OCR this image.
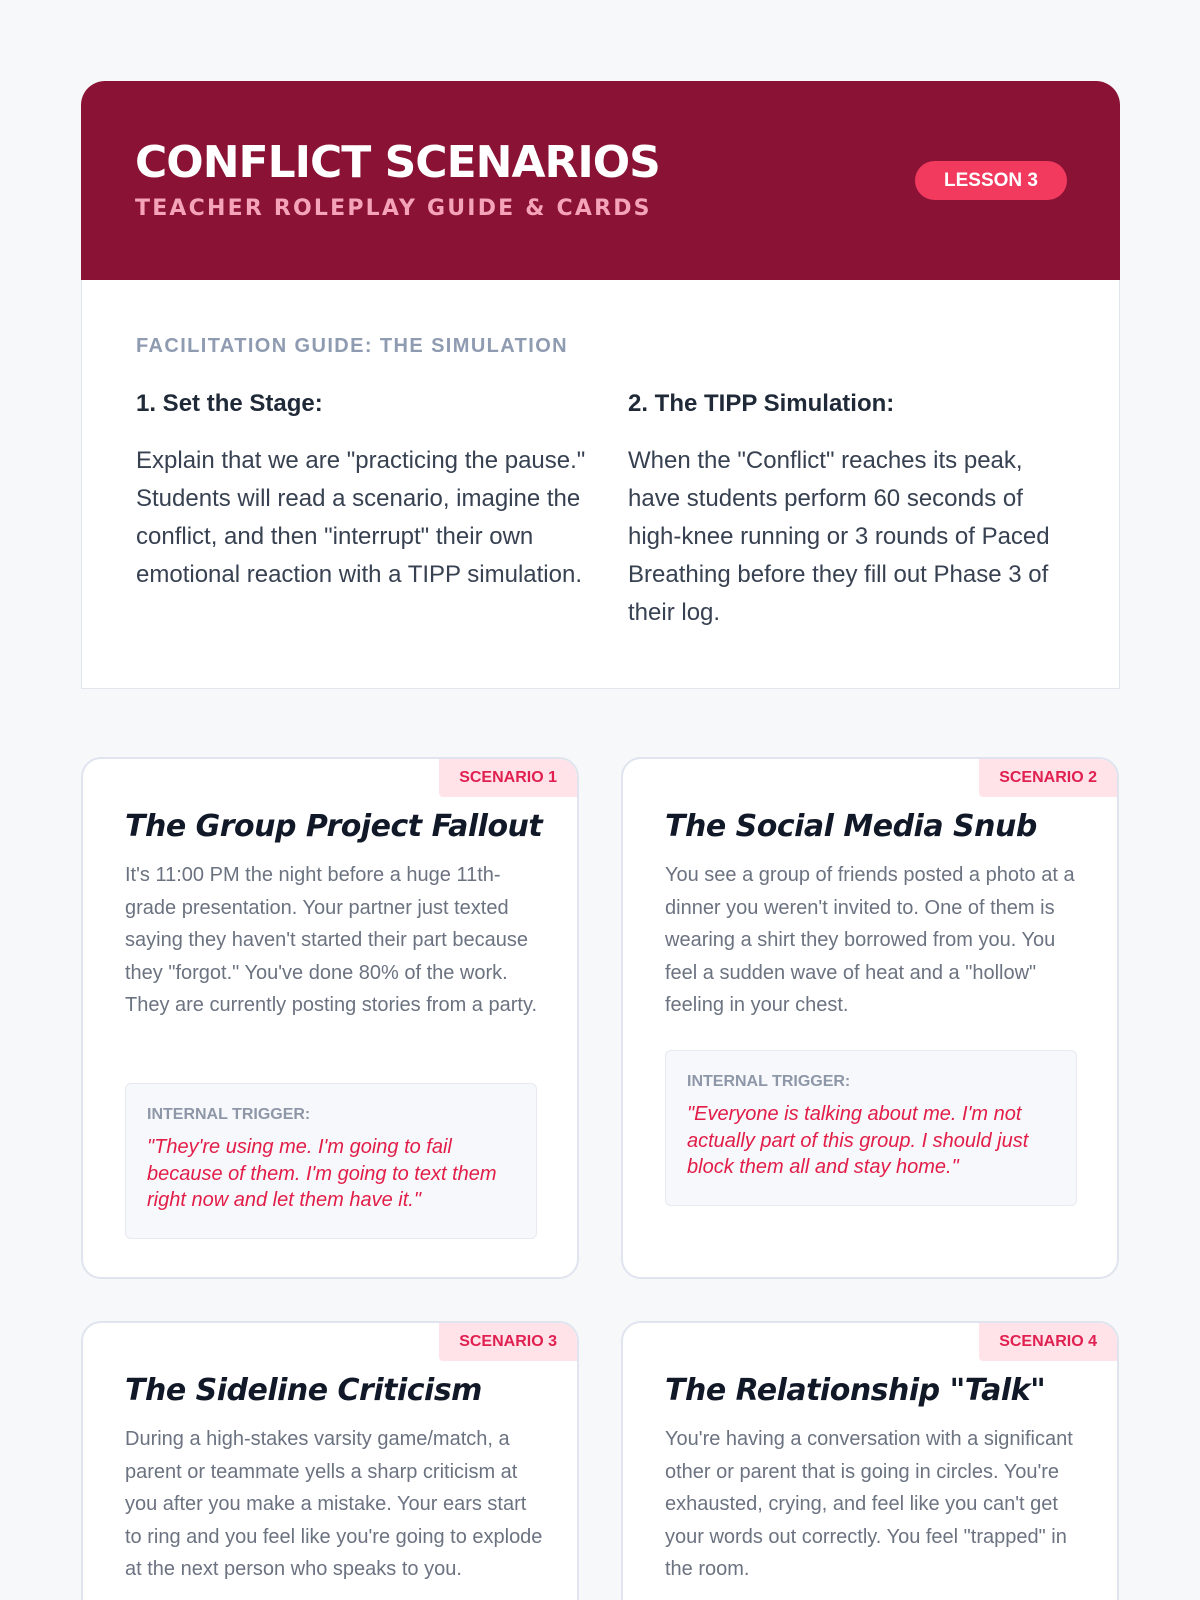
CONFLICT SCENARIOS
TEACHER ROLEPLAY GUIDE & CARDS
LESSON 3
FACILITATION GUIDE: THE SIMULATION
1. Set the Stage:
Explain that we are "practicing the pause." Students will read a scenario, imagine the conflict, and then "interrupt" their own emotional reaction with a TIPP simulation.
2. The TIPP Simulation:
When the "Conflict" reaches its peak, have students perform 60 seconds of high-knee running or 3 rounds of Paced Breathing before they fill out Phase 3 of their log.
SCENARIO 1
The Group Project Fallout
It's 11:00 PM the night before a huge 11th-grade presentation. Your partner just texted saying they haven't started their part because they "forgot." You've done 80% of the work. They are currently posting stories from a party.
INTERNAL TRIGGER:
"They're using me. I'm going to fail because of them. I'm going to text them right now and let them have it."
SCENARIO 2
The Social Media Snub
You see a group of friends posted a photo at a dinner you weren't invited to. One of them is wearing a shirt they borrowed from you. You feel a sudden wave of heat and a "hollow" feeling in your chest.
INTERNAL TRIGGER:
"Everyone is talking about me. I'm not actually part of this group. I should just block them all and stay home."
SCENARIO 3
The Sideline Criticism
During a high-stakes varsity game/match, a parent or teammate yells a sharp criticism at you after you make a mistake. Your ears start to ring and you feel like you're going to explode at the next person who speaks to you.
SCENARIO 4
The Relationship "Talk"
You're having a conversation with a significant other or parent that is going in circles. You're exhausted, crying, and feel like you can't get your words out correctly. You feel "trapped" in the room.
